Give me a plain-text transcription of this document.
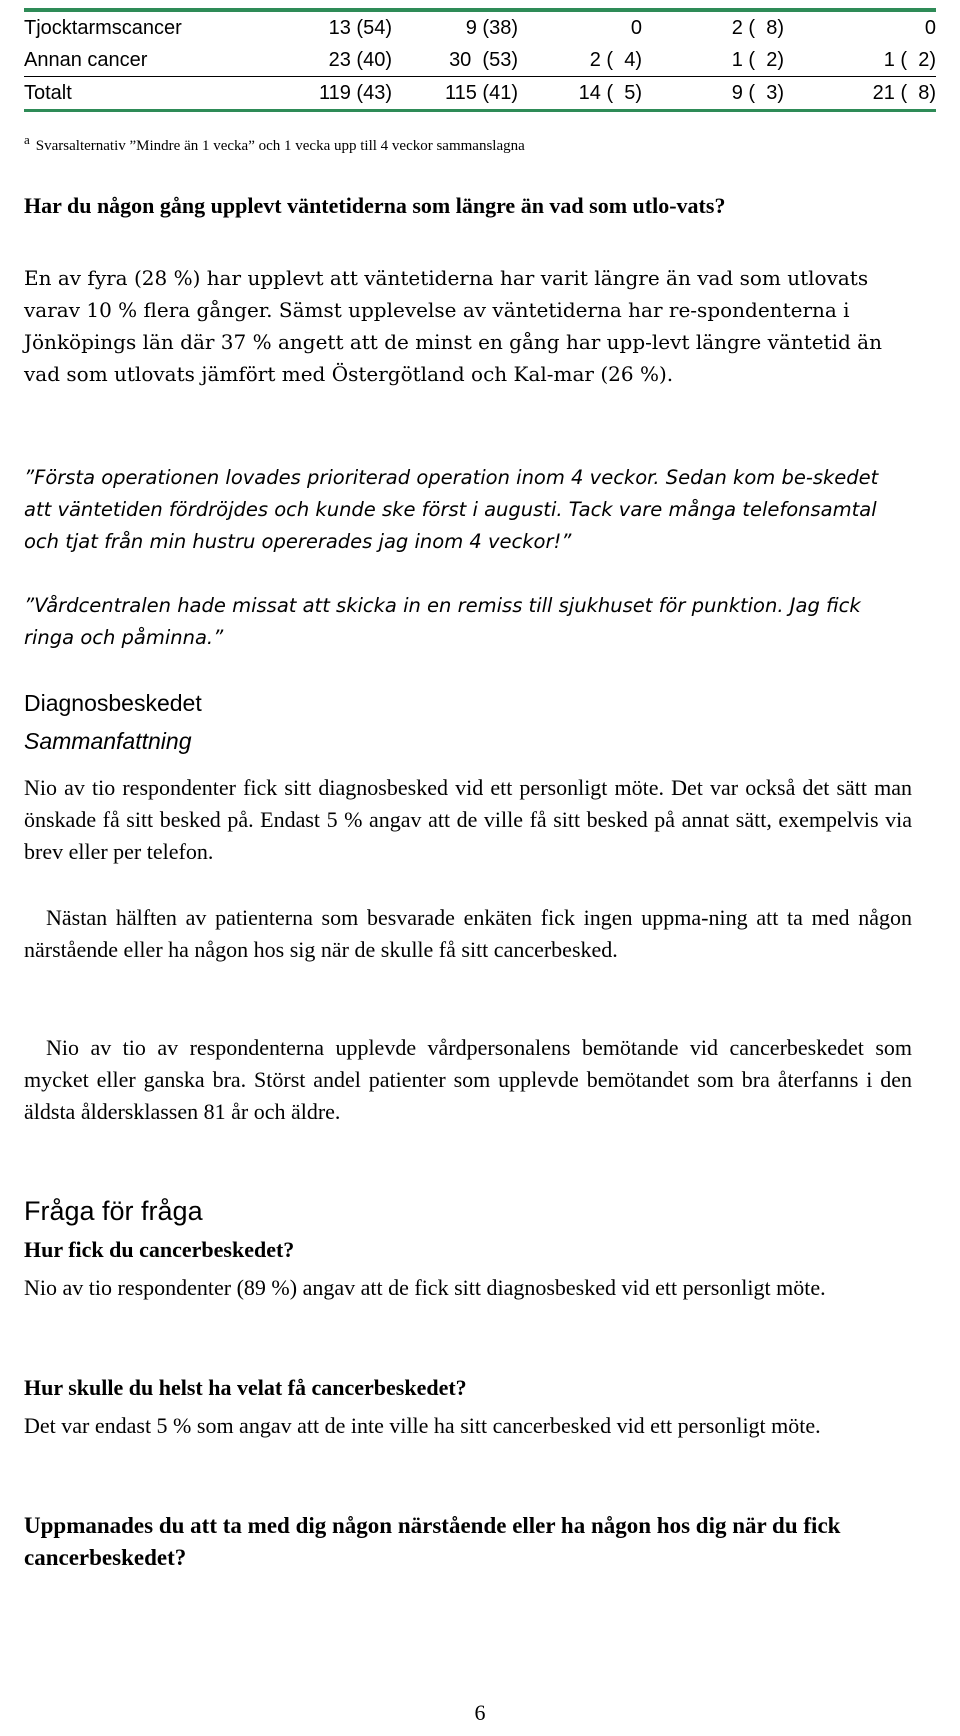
Tjocktarmscancer	13 (54)	9 (38)	0	2 (  8)	0
Annan cancer	23 (40)	30  (53)	2 (  4)	1 (  2)	1 (  2)
Totalt	119 (43)	115 (41)	14 (  5)	9 (  3)	21 (  8)
$^a$ Svarsalternativ ”Mindre än 1 vecka” och 1 vecka upp till 4 veckor sammanslagna
Har du någon gång upplevt väntetiderna som längre än vad som utlo-vats?
En av fyra (28 %) har upplevt att väntetiderna har varit längre än vad som utlovats varav 10 % flera gånger. Sämst upplevelse av väntetiderna har re-spondenterna i Jönköpings län där 37 % angett att de minst en gång har upp-levt längre väntetid än vad som utlovats jämfört med Östergötland och Kal-mar (26 %).
”Första operationen lovades prioriterad operation inom 4 veckor. Sedan kom be-skedet att väntetiden fördröjdes och kunde ske först i augusti. Tack vare många telefonsamtal och tjat från min hustru opererades jag inom 4 veckor!”
”Vårdcentralen hade missat att skicka in en remiss till sjukhuset för punktion. Jag fick ringa och påminna.”
Diagnosbeskedet
Sammanfattning
Nio av tio respondenter fick sitt diagnosbesked vid ett personligt möte. Det var också det sätt man önskade få sitt besked på. Endast 5 % angav att de ville få sitt besked på annat sätt, exempelvis via brev eller per telefon.
Nästan hälften av patienterna som besvarade enkäten fick ingen uppma-ning att ta med någon närstående eller ha någon hos sig när de skulle få sitt cancerbesked.
Nio av tio av respondenterna upplevde vårdpersonalens bemötande vid cancerbeskedet som mycket eller ganska bra. Störst andel patienter som upplevde bemötandet som bra återfanns i den äldsta åldersklassen 81 år och äldre.
Fråga för fråga
Hur fick du cancerbeskedet?
Nio av tio respondenter (89 %) angav att de fick sitt diagnosbesked vid ett personligt möte.
Hur skulle du helst ha velat få cancerbeskedet?
Det var endast 5 % som angav att de inte ville ha sitt cancerbesked vid ett personligt möte.
Uppmanades du att ta med dig någon närstående eller ha någon hos dig när du fick cancerbeskedet?
6
